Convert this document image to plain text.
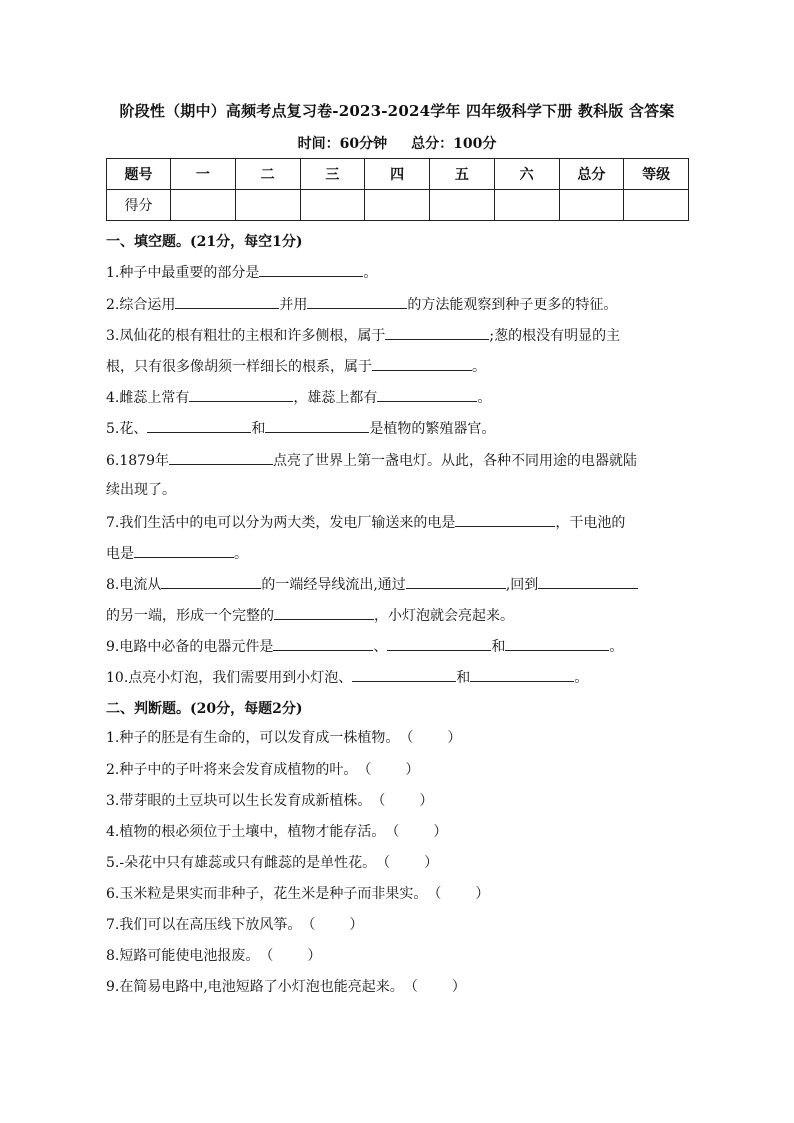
阶段性（期中）高频考点复习卷-2023-2024学年 四年级科学下册 教科版 含答案
时间：60分钟 总分：100分
题号	一	二	三	四	五	六	总分	等级
得分								
一、填空题。(21分，每空1分)
1.种子中最重要的部分是	。
2.综合运用	并用	的方法能观察到种子更多的特征。
3.凤仙花的根有粗壮的主根和许多侧根，属于	;葱的根没有明显的主
根，只有很多像胡须一样细长的根系，属于	。
4.雌蕊上常有	，雄蕊上都有	。
5.花、	和	是植物的繁殖器官。
6.1879年	点亮了世界上第一盏电灯。从此，各种不同用途的电器就陆
续出现了。
7.我们生活中的电可以分为两大类，发电厂输送来的电是	，干电池的
电是	。
8.电流从	的一端经导线流出,通过	,回到
的另一端，形成一个完整的	，小灯泡就会亮起来。
9.电路中必备的电器元件是	、	和	。
10.点亮小灯泡，我们需要用到小灯泡、	和	。
二、判断题。(20分，每题2分)
1.种子的胚是有生命的，可以发育成一株植物。（ ）
2.种子中的子叶将来会发育成植物的叶。（ ）
3.带芽眼的土豆块可以生长发育成新植株。（ ）
4.植物的根必须位于土壤中，植物才能存活。（ ）
5.-朵花中只有雄蕊或只有雌蕊的是单性花。（ ）
6.玉米粒是果实而非种子，花生米是种子而非果实。（ ）
7.我们可以在高压线下放风筝。（ ）
8.短路可能使电池报废。（ ）
9.在简易电路中,电池短路了小灯泡也能亮起来。（ ）
